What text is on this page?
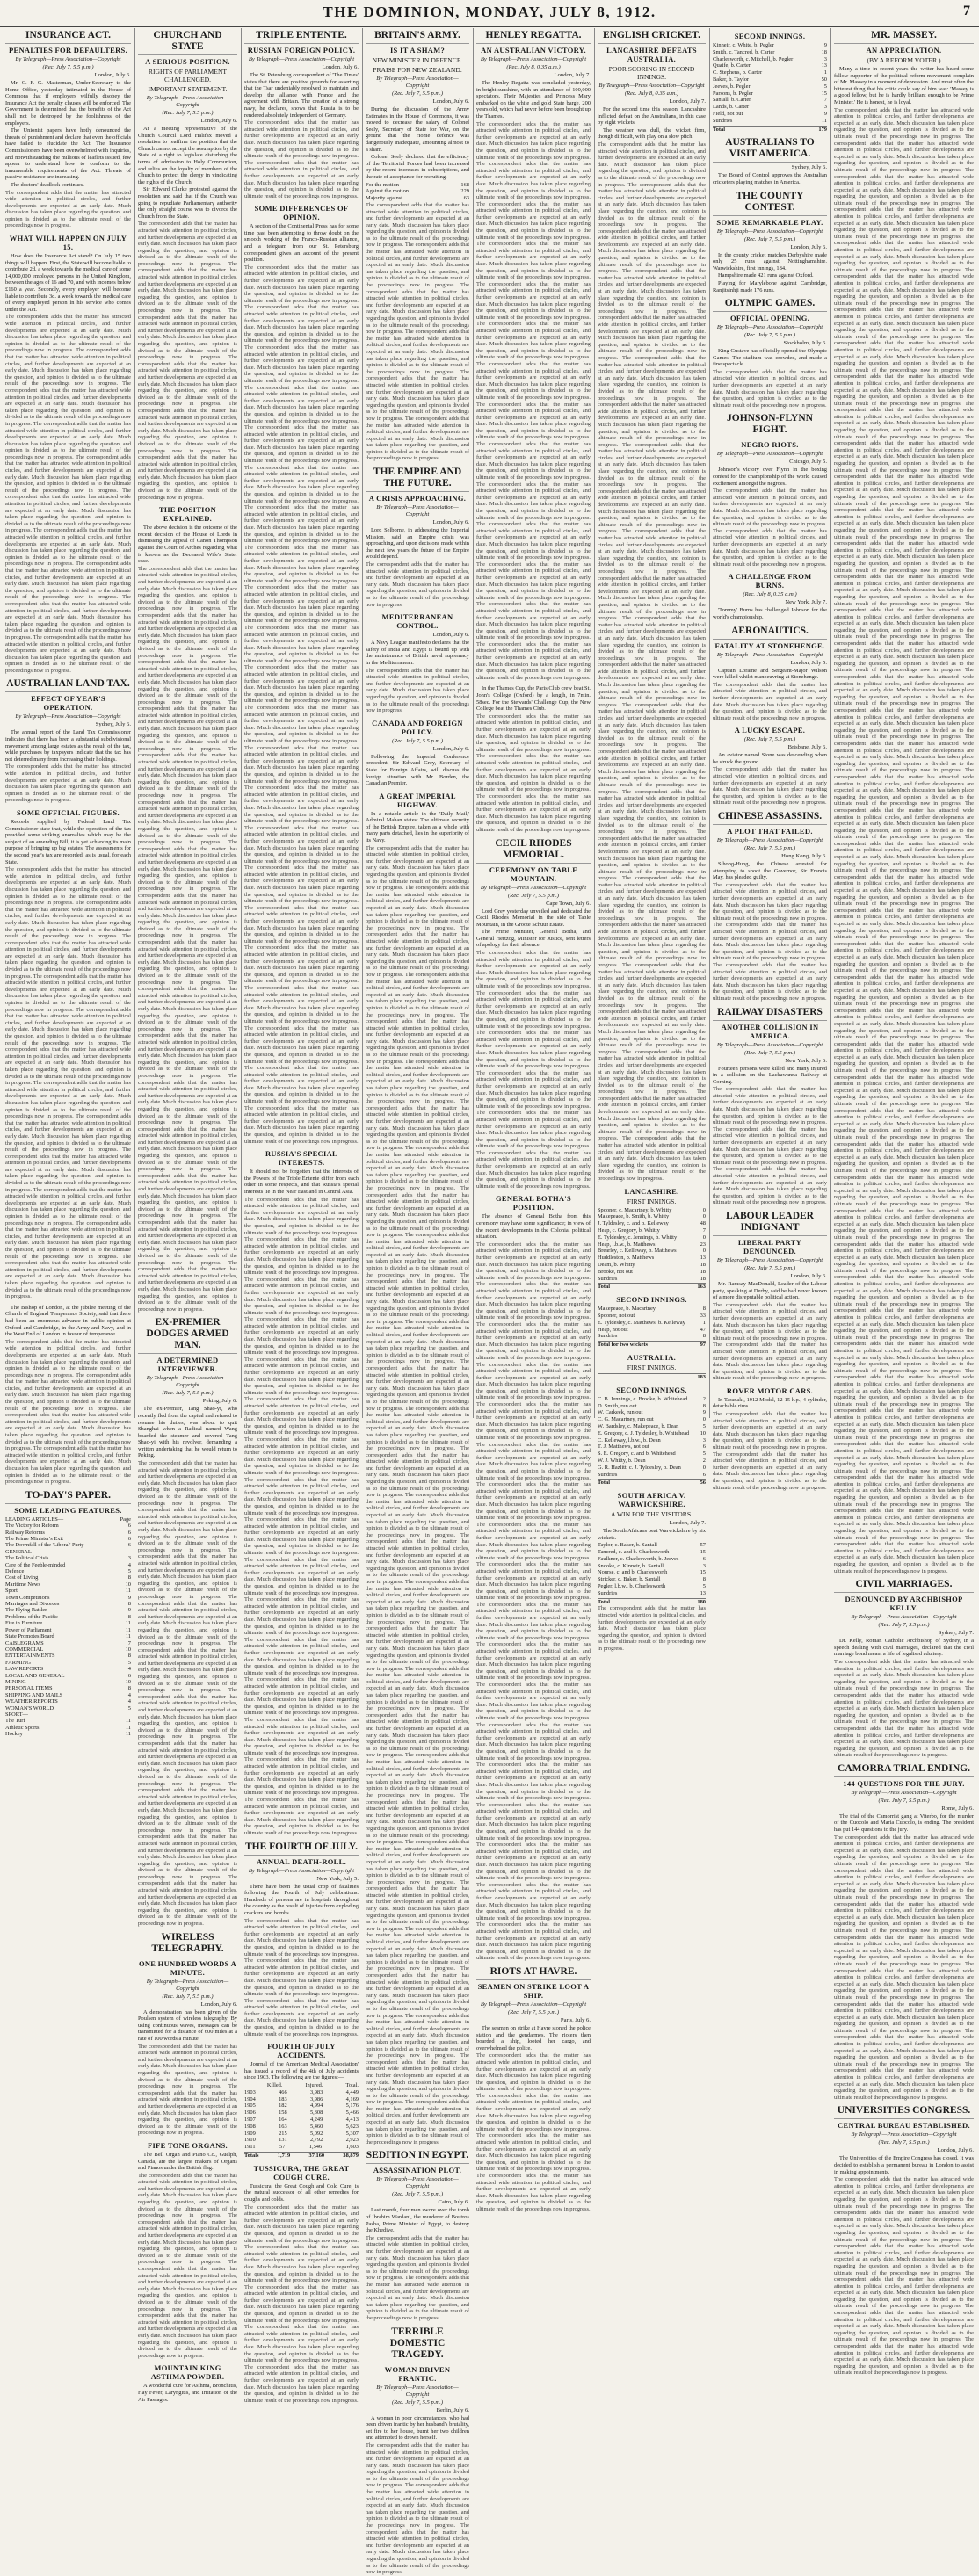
THE DOMINION, MONDAY, JULY 8, 1912.	7
INSURANCE ACT.
PENALTIES FOR DEFAULTERS.
By Telegraph—Press Association—Copyright
(Rec. July 7, 5.5 p.m.)
London, July 6.

Mr. C. F. G. Masterman, Under-Secretary to the Home Office, yesterday intimated in the House of Commons that if employers wilfully disobey the Insurance Act the penalty clauses will be enforced. The Government is determined that the benefits of the Act shall not be destroyed by the foolishness of the employers.

The Unionist papers have hotly denounced the threats of punishment and declare that even the officials have failed to elucidate the Act. The Insurance Commissioners have been overwhelmed with inquiries, and notwithstanding the millions of leaflets issued, few appear to understand how to conform to the innumerable requirements of the Act. Threats of passive resistance are increasing.

The doctors' deadlock continues.

The correspondent adds that the matter has attracted wide attention in political circles, and further developments are expected at an early date. Much discussion has taken place regarding the question, and opinion is divided as to the ultimate result of the proceedings now in progress.
WHAT WILL HAPPEN ON JULY 15.

How does the Insurance Act stand? On July 15 two things will happen. First, the State will become liable to contribute 2d. a week towards the medical care of some 14,000,000 employed persons in the United Kingdom, between the ages of 16 and 70, and with incomes below £160 a year. Secondly, every employer will become liable to contribute 3d. a week towards the medical care of every employed person in his service who comes under the Act.

The correspondent adds that the matter has attracted wide attention in political circles, and further developments are expected at an early date. Much discussion has taken place regarding the question, and opinion is divided as to the ultimate result of the proceedings now in progress. The correspondent adds that the matter has attracted wide attention in political circles, and further developments are expected at an early date. Much discussion has taken place regarding the question, and opinion is divided as to the ultimate result of the proceedings now in progress. The correspondent adds that the matter has attracted wide attention in political circles, and further developments are expected at an early date. Much discussion has taken place regarding the question, and opinion is divided as to the ultimate result of the proceedings now in progress. The correspondent adds that the matter has attracted wide attention in political circles, and further developments are expected at an early date. Much discussion has taken place regarding the question, and opinion is divided as to the ultimate result of the proceedings now in progress. The correspondent adds that the matter has attracted wide attention in political circles, and further developments are expected at an early date. Much discussion has taken place regarding the question, and opinion is divided as to the ultimate result of the proceedings now in progress. The correspondent adds that the matter has attracted wide attention in political circles, and further developments are expected at an early date. Much discussion has taken place regarding the question, and opinion is divided as to the ultimate result of the proceedings now in progress. The correspondent adds that the matter has attracted wide attention in political circles, and further developments are expected at an early date. Much discussion has taken place regarding the question, and opinion is divided as to the ultimate result of the proceedings now in progress. The correspondent adds that the matter has attracted wide attention in political circles, and further developments are expected at an early date. Much discussion has taken place regarding the question, and opinion is divided as to the ultimate result of the proceedings now in progress. The correspondent adds that the matter has attracted wide attention in political circles, and further developments are expected at an early date. Much discussion has taken place regarding the question, and opinion is divided as to the ultimate result of the proceedings now in progress. The correspondent adds that the matter has attracted wide attention in political circles, and further developments are expected at an early date. Much discussion has taken place regarding the question, and opinion is divided as to the ultimate result of the proceedings now in progress.
AUSTRALIAN LAND TAX.
EFFECT OF YEAR'S OPERATION.
By Telegraph—Press Association—Copyright
Sydney, July 6.

The annual report of the Land Tax Commissioner indicates that there has been a substantial subdivisional movement among large estates as the result of the tax, while purchases by taxpayers indicate that the tax has not deterred many from increasing their holdings.

The correspondent adds that the matter has attracted wide attention in political circles, and further developments are expected at an early date. Much discussion has taken place regarding the question, and opinion is divided as to the ultimate result of the proceedings now in progress.
SOME OFFICIAL FIGURES.

Records supplied by Federal Land Tax Commissioner state that, while the operation of the tax provided some striking anomalies which may be the subject of an amending Bill, it is yet achieving its main purpose of bringing up big estates. The assessments for the second year's tax are recorded, as is usual, for each State.

The correspondent adds that the matter has attracted wide attention in political circles, and further developments are expected at an early date. Much discussion has taken place regarding the question, and opinion is divided as to the ultimate result of the proceedings now in progress. The correspondent adds that the matter has attracted wide attention in political circles, and further developments are expected at an early date. Much discussion has taken place regarding the question, and opinion is divided as to the ultimate result of the proceedings now in progress. The correspondent adds that the matter has attracted wide attention in political circles, and further developments are expected at an early date. Much discussion has taken place regarding the question, and opinion is divided as to the ultimate result of the proceedings now in progress. The correspondent adds that the matter has attracted wide attention in political circles, and further developments are expected at an early date. Much discussion has taken place regarding the question, and opinion is divided as to the ultimate result of the proceedings now in progress. The correspondent adds that the matter has attracted wide attention in political circles, and further developments are expected at an early date. Much discussion has taken place regarding the question, and opinion is divided as to the ultimate result of the proceedings now in progress. The correspondent adds that the matter has attracted wide attention in political circles, and further developments are expected at an early date. Much discussion has taken place regarding the question, and opinion is divided as to the ultimate result of the proceedings now in progress. The correspondent adds that the matter has attracted wide attention in political circles, and further developments are expected at an early date. Much discussion has taken place regarding the question, and opinion is divided as to the ultimate result of the proceedings now in progress. The correspondent adds that the matter has attracted wide attention in political circles, and further developments are expected at an early date. Much discussion has taken place regarding the question, and opinion is divided as to the ultimate result of the proceedings now in progress. The correspondent adds that the matter has attracted wide attention in political circles, and further developments are expected at an early date. Much discussion has taken place regarding the question, and opinion is divided as to the ultimate result of the proceedings now in progress. The correspondent adds that the matter has attracted wide attention in political circles, and further developments are expected at an early date. Much discussion has taken place regarding the question, and opinion is divided as to the ultimate result of the proceedings now in progress. The correspondent adds that the matter has attracted wide attention in political circles, and further developments are expected at an early date. Much discussion has taken place regarding the question, and opinion is divided as to the ultimate result of the proceedings now in progress. The correspondent adds that the matter has attracted wide attention in political circles, and further developments are expected at an early date. Much discussion has taken place regarding the question, and opinion is divided as to the ultimate result of the proceedings now in progress.

The Bishop of London, at the jubilee meeting of the Church of England Temperance Society, said that there had been an enormous advance in public opinion at Oxford and Cambridge, in the Army and Navy, and in the West End of London in favour of temperance.

The correspondent adds that the matter has attracted wide attention in political circles, and further developments are expected at an early date. Much discussion has taken place regarding the question, and opinion is divided as to the ultimate result of the proceedings now in progress. The correspondent adds that the matter has attracted wide attention in political circles, and further developments are expected at an early date. Much discussion has taken place regarding the question, and opinion is divided as to the ultimate result of the proceedings now in progress. The correspondent adds that the matter has attracted wide attention in political circles, and further developments are expected at an early date. Much discussion has taken place regarding the question, and opinion is divided as to the ultimate result of the proceedings now in progress. The correspondent adds that the matter has attracted wide attention in political circles, and further developments are expected at an early date. Much discussion has taken place regarding the question, and opinion is divided as to the ultimate result of the proceedings now in progress.
TO-DAY'S PAPER.
SOME LEADING FEATURES.
LEADING ARTICLES—	Page
The Victory for Reform	6
Railway Reforms	6
The Prime Minister's Exit	6
The Downfall of the 'Liberal' Party	6
GENERAL—
The Political Crisis	3
Care of the Feeble-minded	4
Defence	5
Cost of Living	8
Maritime News	10
Sport	11
Town Competitions	9
Marriages and Divorces	8
The Flying Rattler	9
Problems of the Pacific	8
Fire in Furniture	11
Power of Parliament	11
State Promotes Board	11
CABLEGRAMS	7
COMMERCIAL	10
ENTERTAINMENTS	8
FARMING	5
LAW REPORTS	4
LOCAL AND GENERAL	6
MINING	10
PERSONAL ITEMS	8
SHIPPING AND MAILS	4
WEATHER REPORTS	4
WOMAN'S WORLD	5
SPORT—
The Turf	11
Athletic Sports	11
Hockey	11
CHURCH AND STATE
A SERIOUS POSITION.
RIGHTS OF PARLIAMENT CHALLENGED.
IMPORTANT STATEMENT.
By Telegraph—Press Association—Copyright
(Rec. July 7, 5.5 p.m.)
London, July 6.

At a meeting representative of the Church Council Lord Halifax moved a resolution to reaffirm the position that the Church cannot accept the assumption by the State of a right to legislate disturbing the terms of admission to Holy Communion, and relies on the loyalty of members of the Church to protect the clergy in vindicating the rights of the Church.

Sir Edward Clarke protested against the resolution and said that if the Church was going to repudiate Parliamentary authority the only straight course was to divorce the Church from the State.

The correspondent adds that the matter has attracted wide attention in political circles, and further developments are expected at an early date. Much discussion has taken place regarding the question, and opinion is divided as to the ultimate result of the proceedings now in progress. The correspondent adds that the matter has attracted wide attention in political circles, and further developments are expected at an early date. Much discussion has taken place regarding the question, and opinion is divided as to the ultimate result of the proceedings now in progress. The correspondent adds that the matter has attracted wide attention in political circles, and further developments are expected at an early date. Much discussion has taken place regarding the question, and opinion is divided as to the ultimate result of the proceedings now in progress. The correspondent adds that the matter has attracted wide attention in political circles, and further developments are expected at an early date. Much discussion has taken place regarding the question, and opinion is divided as to the ultimate result of the proceedings now in progress. The correspondent adds that the matter has attracted wide attention in political circles, and further developments are expected at an early date. Much discussion has taken place regarding the question, and opinion is divided as to the ultimate result of the proceedings now in progress. The correspondent adds that the matter has attracted wide attention in political circles, and further developments are expected at an early date. Much discussion has taken place regarding the question, and opinion is divided as to the ultimate result of the proceedings now in progress.
THE POSITION EXPLAINED.

The above decision is the outcome of the recent decision of the House of Lords in dismissing the appeal of Canon Thompson against the Court of Arches regarding what is known as the Deceased Wife's Sister case.

The correspondent adds that the matter has attracted wide attention in political circles, and further developments are expected at an early date. Much discussion has taken place regarding the question, and opinion is divided as to the ultimate result of the proceedings now in progress. The correspondent adds that the matter has attracted wide attention in political circles, and further developments are expected at an early date. Much discussion has taken place regarding the question, and opinion is divided as to the ultimate result of the proceedings now in progress. The correspondent adds that the matter has attracted wide attention in political circles, and further developments are expected at an early date. Much discussion has taken place regarding the question, and opinion is divided as to the ultimate result of the proceedings now in progress. The correspondent adds that the matter has attracted wide attention in political circles, and further developments are expected at an early date. Much discussion has taken place regarding the question, and opinion is divided as to the ultimate result of the proceedings now in progress. The correspondent adds that the matter has attracted wide attention in political circles, and further developments are expected at an early date. Much discussion has taken place regarding the question, and opinion is divided as to the ultimate result of the proceedings now in progress. The correspondent adds that the matter has attracted wide attention in political circles, and further developments are expected at an early date. Much discussion has taken place regarding the question, and opinion is divided as to the ultimate result of the proceedings now in progress. The correspondent adds that the matter has attracted wide attention in political circles, and further developments are expected at an early date. Much discussion has taken place regarding the question, and opinion is divided as to the ultimate result of the proceedings now in progress. The correspondent adds that the matter has attracted wide attention in political circles, and further developments are expected at an early date. Much discussion has taken place regarding the question, and opinion is divided as to the ultimate result of the proceedings now in progress. The correspondent adds that the matter has attracted wide attention in political circles, and further developments are expected at an early date. Much discussion has taken place regarding the question, and opinion is divided as to the ultimate result of the proceedings now in progress. The correspondent adds that the matter has attracted wide attention in political circles, and further developments are expected at an early date. Much discussion has taken place regarding the question, and opinion is divided as to the ultimate result of the proceedings now in progress. The correspondent adds that the matter has attracted wide attention in political circles, and further developments are expected at an early date. Much discussion has taken place regarding the question, and opinion is divided as to the ultimate result of the proceedings now in progress. The correspondent adds that the matter has attracted wide attention in political circles, and further developments are expected at an early date. Much discussion has taken place regarding the question, and opinion is divided as to the ultimate result of the proceedings now in progress. The correspondent adds that the matter has attracted wide attention in political circles, and further developments are expected at an early date. Much discussion has taken place regarding the question, and opinion is divided as to the ultimate result of the proceedings now in progress. The correspondent adds that the matter has attracted wide attention in political circles, and further developments are expected at an early date. Much discussion has taken place regarding the question, and opinion is divided as to the ultimate result of the proceedings now in progress. The correspondent adds that the matter has attracted wide attention in political circles, and further developments are expected at an early date. Much discussion has taken place regarding the question, and opinion is divided as to the ultimate result of the proceedings now in progress. The correspondent adds that the matter has attracted wide attention in political circles, and further developments are expected at an early date. Much discussion has taken place regarding the question, and opinion is divided as to the ultimate result of the proceedings now in progress.
EX-PREMIER DODGES ARMED MAN.
A DETERMINED INTERVIEWER.
By Telegraph—Press Association—Copyright
(Rec. July 7, 5.5 p.m.)
Peking, July 6.

The ex-Premier, Tang Shao-yi, who recently fled from the capital and refused to resume his duties, was about to quit Shanghai when a Radical named Wang boarded the steamer and covered Tang Shao-yi with his revolver, demanding a written undertaking that he would return to Peking.

The correspondent adds that the matter has attracted wide attention in political circles, and further developments are expected at an early date. Much discussion has taken place regarding the question, and opinion is divided as to the ultimate result of the proceedings now in progress. The correspondent adds that the matter has attracted wide attention in political circles, and further developments are expected at an early date. Much discussion has taken place regarding the question, and opinion is divided as to the ultimate result of the proceedings now in progress. The correspondent adds that the matter has attracted wide attention in political circles, and further developments are expected at an early date. Much discussion has taken place regarding the question, and opinion is divided as to the ultimate result of the proceedings now in progress. The correspondent adds that the matter has attracted wide attention in political circles, and further developments are expected at an early date. Much discussion has taken place regarding the question, and opinion is divided as to the ultimate result of the proceedings now in progress. The correspondent adds that the matter has attracted wide attention in political circles, and further developments are expected at an early date. Much discussion has taken place regarding the question, and opinion is divided as to the ultimate result of the proceedings now in progress. The correspondent adds that the matter has attracted wide attention in political circles, and further developments are expected at an early date. Much discussion has taken place regarding the question, and opinion is divided as to the ultimate result of the proceedings now in progress. The correspondent adds that the matter has attracted wide attention in political circles, and further developments are expected at an early date. Much discussion has taken place regarding the question, and opinion is divided as to the ultimate result of the proceedings now in progress. The correspondent adds that the matter has attracted wide attention in political circles, and further developments are expected at an early date. Much discussion has taken place regarding the question, and opinion is divided as to the ultimate result of the proceedings now in progress. The correspondent adds that the matter has attracted wide attention in political circles, and further developments are expected at an early date. Much discussion has taken place regarding the question, and opinion is divided as to the ultimate result of the proceedings now in progress. The correspondent adds that the matter has attracted wide attention in political circles, and further developments are expected at an early date. Much discussion has taken place regarding the question, and opinion is divided as to the ultimate result of the proceedings now in progress.
WIRELESS TELEGRAPHY.
ONE HUNDRED WORDS A MINUTE.
By Telegraph—Press Association—Copyright
(Rec. July 7, 5.5 p.m.)
London, July 6.

A demonstration has been given of the Poulsen system of wireless telegraphy. By using continuous waves, messages can be transmitted for a distance of 600 miles at a rate of 100 words a minute.

The correspondent adds that the matter has attracted wide attention in political circles, and further developments are expected at an early date. Much discussion has taken place regarding the question, and opinion is divided as to the ultimate result of the proceedings now in progress. The correspondent adds that the matter has attracted wide attention in political circles, and further developments are expected at an early date. Much discussion has taken place regarding the question, and opinion is divided as to the ultimate result of the proceedings now in progress.
FIFE TONE ORGANS.

The Bell Organ and Piano Co., Guelph, Canada, are the largest makers of Organs and Pianos under the British flag.

The correspondent adds that the matter has attracted wide attention in political circles, and further developments are expected at an early date. Much discussion has taken place regarding the question, and opinion is divided as to the ultimate result of the proceedings now in progress. The correspondent adds that the matter has attracted wide attention in political circles, and further developments are expected at an early date. Much discussion has taken place regarding the question, and opinion is divided as to the ultimate result of the proceedings now in progress. The correspondent adds that the matter has attracted wide attention in political circles, and further developments are expected at an early date. Much discussion has taken place regarding the question, and opinion is divided as to the ultimate result of the proceedings now in progress. The correspondent adds that the matter has attracted wide attention in political circles, and further developments are expected at an early date. Much discussion has taken place regarding the question, and opinion is divided as to the ultimate result of the proceedings now in progress.
MOUNTAIN KING ASTHMA POWDER.

A wonderful cure for Asthma, Bronchitis, Hay Fever, Laryngitis, and Irritation of the Air Passages.

TRIPLE ENTENTE.
RUSSIAN FOREIGN POLICY.
By Telegraph—Press Association—Copyright
London, July 6.

The St. Petersburg correspondent of 'The Times' states that there are positive grounds for asserting that the Tsar undeniably resolved to maintain and develop the alliance with France and the agreement with Britain. The creation of a strong navy, he declares, shows that Russia is to be rendered absolutely independent of Germany.

The correspondent adds that the matter has attracted wide attention in political circles, and further developments are expected at an early date. Much discussion has taken place regarding the question, and opinion is divided as to the ultimate result of the proceedings now in progress. The correspondent adds that the matter has attracted wide attention in political circles, and further developments are expected at an early date. Much discussion has taken place regarding the question, and opinion is divided as to the ultimate result of the proceedings now in progress.
SOME DIFFERENCES OF OPINION.

A section of the Continental Press has for some time past been attempting to throw doubt on the smooth working of the Franco-Russian alliance, and a telegram from our St. Petersburg correspondent gives an account of the present position.

The correspondent adds that the matter has attracted wide attention in political circles, and further developments are expected at an early date. Much discussion has taken place regarding the question, and opinion is divided as to the ultimate result of the proceedings now in progress. The correspondent adds that the matter has attracted wide attention in political circles, and further developments are expected at an early date. Much discussion has taken place regarding the question, and opinion is divided as to the ultimate result of the proceedings now in progress. The correspondent adds that the matter has attracted wide attention in political circles, and further developments are expected at an early date. Much discussion has taken place regarding the question, and opinion is divided as to the ultimate result of the proceedings now in progress. The correspondent adds that the matter has attracted wide attention in political circles, and further developments are expected at an early date. Much discussion has taken place regarding the question, and opinion is divided as to the ultimate result of the proceedings now in progress. The correspondent adds that the matter has attracted wide attention in political circles, and further developments are expected at an early date. Much discussion has taken place regarding the question, and opinion is divided as to the ultimate result of the proceedings now in progress. The correspondent adds that the matter has attracted wide attention in political circles, and further developments are expected at an early date. Much discussion has taken place regarding the question, and opinion is divided as to the ultimate result of the proceedings now in progress. The correspondent adds that the matter has attracted wide attention in political circles, and further developments are expected at an early date. Much discussion has taken place regarding the question, and opinion is divided as to the ultimate result of the proceedings now in progress. The correspondent adds that the matter has attracted wide attention in political circles, and further developments are expected at an early date. Much discussion has taken place regarding the question, and opinion is divided as to the ultimate result of the proceedings now in progress. The correspondent adds that the matter has attracted wide attention in political circles, and further developments are expected at an early date. Much discussion has taken place regarding the question, and opinion is divided as to the ultimate result of the proceedings now in progress. The correspondent adds that the matter has attracted wide attention in political circles, and further developments are expected at an early date. Much discussion has taken place regarding the question, and opinion is divided as to the ultimate result of the proceedings now in progress. The correspondent adds that the matter has attracted wide attention in political circles, and further developments are expected at an early date. Much discussion has taken place regarding the question, and opinion is divided as to the ultimate result of the proceedings now in progress. The correspondent adds that the matter has attracted wide attention in political circles, and further developments are expected at an early date. Much discussion has taken place regarding the question, and opinion is divided as to the ultimate result of the proceedings now in progress. The correspondent adds that the matter has attracted wide attention in political circles, and further developments are expected at an early date. Much discussion has taken place regarding the question, and opinion is divided as to the ultimate result of the proceedings now in progress. The correspondent adds that the matter has attracted wide attention in political circles, and further developments are expected at an early date. Much discussion has taken place regarding the question, and opinion is divided as to the ultimate result of the proceedings now in progress. The correspondent adds that the matter has attracted wide attention in political circles, and further developments are expected at an early date. Much discussion has taken place regarding the question, and opinion is divided as to the ultimate result of the proceedings now in progress. The correspondent adds that the matter has attracted wide attention in political circles, and further developments are expected at an early date. Much discussion has taken place regarding the question, and opinion is divided as to the ultimate result of the proceedings now in progress. The correspondent adds that the matter has attracted wide attention in political circles, and further developments are expected at an early date. Much discussion has taken place regarding the question, and opinion is divided as to the ultimate result of the proceedings now in progress. The correspondent adds that the matter has attracted wide attention in political circles, and further developments are expected at an early date. Much discussion has taken place regarding the question, and opinion is divided as to the ultimate result of the proceedings now in progress. The correspondent adds that the matter has attracted wide attention in political circles, and further developments are expected at an early date. Much discussion has taken place regarding the question, and opinion is divided as to the ultimate result of the proceedings now in progress. The correspondent adds that the matter has attracted wide attention in political circles, and further developments are expected at an early date. Much discussion has taken place regarding the question, and opinion is divided as to the ultimate result of the proceedings now in progress. The correspondent adds that the matter has attracted wide attention in political circles, and further developments are expected at an early date. Much discussion has taken place regarding the question, and opinion is divided as to the ultimate result of the proceedings now in progress. The correspondent adds that the matter has attracted wide attention in political circles, and further developments are expected at an early date. Much discussion has taken place regarding the question, and opinion is divided as to the ultimate result of the proceedings now in progress.
RUSSIA'S SPECIAL INTERESTS.

It should not be forgotten that the interests of the Powers of the Triple Entente differ from each other in some respects, and that Russia's special interests lie in the Near East and in Central Asia.

The correspondent adds that the matter has attracted wide attention in political circles, and further developments are expected at an early date. Much discussion has taken place regarding the question, and opinion is divided as to the ultimate result of the proceedings now in progress. The correspondent adds that the matter has attracted wide attention in political circles, and further developments are expected at an early date. Much discussion has taken place regarding the question, and opinion is divided as to the ultimate result of the proceedings now in progress. The correspondent adds that the matter has attracted wide attention in political circles, and further developments are expected at an early date. Much discussion has taken place regarding the question, and opinion is divided as to the ultimate result of the proceedings now in progress. The correspondent adds that the matter has attracted wide attention in political circles, and further developments are expected at an early date. Much discussion has taken place regarding the question, and opinion is divided as to the ultimate result of the proceedings now in progress. The correspondent adds that the matter has attracted wide attention in political circles, and further developments are expected at an early date. Much discussion has taken place regarding the question, and opinion is divided as to the ultimate result of the proceedings now in progress. The correspondent adds that the matter has attracted wide attention in political circles, and further developments are expected at an early date. Much discussion has taken place regarding the question, and opinion is divided as to the ultimate result of the proceedings now in progress. The correspondent adds that the matter has attracted wide attention in political circles, and further developments are expected at an early date. Much discussion has taken place regarding the question, and opinion is divided as to the ultimate result of the proceedings now in progress. The correspondent adds that the matter has attracted wide attention in political circles, and further developments are expected at an early date. Much discussion has taken place regarding the question, and opinion is divided as to the ultimate result of the proceedings now in progress. The correspondent adds that the matter has attracted wide attention in political circles, and further developments are expected at an early date. Much discussion has taken place regarding the question, and opinion is divided as to the ultimate result of the proceedings now in progress. The correspondent adds that the matter has attracted wide attention in political circles, and further developments are expected at an early date. Much discussion has taken place regarding the question, and opinion is divided as to the ultimate result of the proceedings now in progress. The correspondent adds that the matter has attracted wide attention in political circles, and further developments are expected at an early date. Much discussion has taken place regarding the question, and opinion is divided as to the ultimate result of the proceedings now in progress. The correspondent adds that the matter has attracted wide attention in political circles, and further developments are expected at an early date. Much discussion has taken place regarding the question, and opinion is divided as to the ultimate result of the proceedings now in progress. The correspondent adds that the matter has attracted wide attention in political circles, and further developments are expected at an early date. Much discussion has taken place regarding the question, and opinion is divided as to the ultimate result of the proceedings now in progress. The correspondent adds that the matter has attracted wide attention in political circles, and further developments are expected at an early date. Much discussion has taken place regarding the question, and opinion is divided as to the ultimate result of the proceedings now in progress. The correspondent adds that the matter has attracted wide attention in political circles, and further developments are expected at an early date. Much discussion has taken place regarding the question, and opinion is divided as to the ultimate result of the proceedings now in progress. The correspondent adds that the matter has attracted wide attention in political circles, and further developments are expected at an early date. Much discussion has taken place regarding the question, and opinion is divided as to the ultimate result of the proceedings now in progress.
THE FOURTH OF JULY.
ANNUAL DEATH-ROLL.
By Telegraph—Press Association—Copyright
New York, July 5.

There have been the usual crop of fatalities following the Fourth of July celebrations. Hundreds of persons are in hospitals throughout the country as the result of injuries from exploding crackers and bombs.

The correspondent adds that the matter has attracted wide attention in political circles, and further developments are expected at an early date. Much discussion has taken place regarding the question, and opinion is divided as to the ultimate result of the proceedings now in progress. The correspondent adds that the matter has attracted wide attention in political circles, and further developments are expected at an early date. Much discussion has taken place regarding the question, and opinion is divided as to the ultimate result of the proceedings now in progress. The correspondent adds that the matter has attracted wide attention in political circles, and further developments are expected at an early date. Much discussion has taken place regarding the question, and opinion is divided as to the ultimate result of the proceedings now in progress.
FOURTH OF JULY ACCIDENTS.

'Journal of the American Medical Association' has issued a record of the 4th of July accidents since 1903. The following are the figures:—

Killed.	Injured.	Total.
1903	466	3,983	4,449
1904	183	3,986	4,169
1905	182	4,994	5,176
1906	158	5,308	5,466
1907	164	4,249	4,413
1908	163	5,460	5,623
1909	215	5,092	5,307
1910	131	2,792	2,923
1911	57	1,546	1,603
Totals	1,719	37,160	38,879
TUSSICURA, THE GREAT COUGH CURE.

Tussicura, the Great Cough and Cold Cure, is the natural successor of all other remedies for coughs and colds.

The correspondent adds that the matter has attracted wide attention in political circles, and further developments are expected at an early date. Much discussion has taken place regarding the question, and opinion is divided as to the ultimate result of the proceedings now in progress. The correspondent adds that the matter has attracted wide attention in political circles, and further developments are expected at an early date. Much discussion has taken place regarding the question, and opinion is divided as to the ultimate result of the proceedings now in progress. The correspondent adds that the matter has attracted wide attention in political circles, and further developments are expected at an early date. Much discussion has taken place regarding the question, and opinion is divided as to the ultimate result of the proceedings now in progress. The correspondent adds that the matter has attracted wide attention in political circles, and further developments are expected at an early date. Much discussion has taken place regarding the question, and opinion is divided as to the ultimate result of the proceedings now in progress. The correspondent adds that the matter has attracted wide attention in political circles, and further developments are expected at an early date. Much discussion has taken place regarding the question, and opinion is divided as to the ultimate result of the proceedings now in progress.
BRITAIN'S ARMY.
IS IT A SHAM?
NEW MINISTER IN DEFENCE.
PRAISE FOR NEW ZEALAND.
By Telegraph—Press Association—Copyright
(Rec. July 7, 5.5 p.m.)
London, July 6.

During the discussion of the Army Estimates in the House of Commons, it was moved to decrease the salary of Colonel Seely, Secretary of State for War, on the ground that the Home defence was dangerously inadequate, amounting almost to a sham.

Colonel Seely declared that the efficiency of the Territorial Forces had been increased by the recent increases in subscriptions, and the rate of acceptance for recruiting.

For the motion	168
Against the motion	229
Majority against	63
The correspondent adds that the matter has attracted wide attention in political circles, and further developments are expected at an early date. Much discussion has taken place regarding the question, and opinion is divided as to the ultimate result of the proceedings now in progress. The correspondent adds that the matter has attracted wide attention in political circles, and further developments are expected at an early date. Much discussion has taken place regarding the question, and opinion is divided as to the ultimate result of the proceedings now in progress. The correspondent adds that the matter has attracted wide attention in political circles, and further developments are expected at an early date. Much discussion has taken place regarding the question, and opinion is divided as to the ultimate result of the proceedings now in progress. The correspondent adds that the matter has attracted wide attention in political circles, and further developments are expected at an early date. Much discussion has taken place regarding the question, and opinion is divided as to the ultimate result of the proceedings now in progress. The correspondent adds that the matter has attracted wide attention in political circles, and further developments are expected at an early date. Much discussion has taken place regarding the question, and opinion is divided as to the ultimate result of the proceedings now in progress. The correspondent adds that the matter has attracted wide attention in political circles, and further developments are expected at an early date. Much discussion has taken place regarding the question, and opinion is divided as to the ultimate result of the proceedings now in progress.
THE EMPIRE AND THE FUTURE.
A CRISIS APPROACHING.
By Telegraph—Press Association—Copyright
London, July 6.

Lord Selborne, in addressing the Imperial Mission, said an Empire crisis was approaching, and upon decisions made within the next few years the future of the Empire would depend.

The correspondent adds that the matter has attracted wide attention in political circles, and further developments are expected at an early date. Much discussion has taken place regarding the question, and opinion is divided as to the ultimate result of the proceedings now in progress.
MEDITERRANEAN CONTROL.
London, July 6.

A Navy League manifesto declares that the safety of India and Egypt is bound up with the maintenance of British naval supremacy in the Mediterranean.

The correspondent adds that the matter has attracted wide attention in political circles, and further developments are expected at an early date. Much discussion has taken place regarding the question, and opinion is divided as to the ultimate result of the proceedings now in progress.
CANADA AND FOREIGN POLICY.
(Rec. July 7, 5.5 p.m.)
London, July 6.

Following the Imperial Conference precedent, Sir Edward Grey, Secretary of State for Foreign Affairs, will discuss the foreign situation with Mr. Borden, the Canadian Premier.

A GREAT IMPERIAL HIGHWAY.

In a notable article in the 'Daily Mail,' Admiral Mahan states: The ultimate security of the British Empire, taken as a whole with many parts detached, lies in the superiority of its Navy.

The correspondent adds that the matter has attracted wide attention in political circles, and further developments are expected at an early date. Much discussion has taken place regarding the question, and opinion is divided as to the ultimate result of the proceedings now in progress. The correspondent adds that the matter has attracted wide attention in political circles, and further developments are expected at an early date. Much discussion has taken place regarding the question, and opinion is divided as to the ultimate result of the proceedings now in progress. The correspondent adds that the matter has attracted wide attention in political circles, and further developments are expected at an early date. Much discussion has taken place regarding the question, and opinion is divided as to the ultimate result of the proceedings now in progress. The correspondent adds that the matter has attracted wide attention in political circles, and further developments are expected at an early date. Much discussion has taken place regarding the question, and opinion is divided as to the ultimate result of the proceedings now in progress. The correspondent adds that the matter has attracted wide attention in political circles, and further developments are expected at an early date. Much discussion has taken place regarding the question, and opinion is divided as to the ultimate result of the proceedings now in progress. The correspondent adds that the matter has attracted wide attention in political circles, and further developments are expected at an early date. Much discussion has taken place regarding the question, and opinion is divided as to the ultimate result of the proceedings now in progress. The correspondent adds that the matter has attracted wide attention in political circles, and further developments are expected at an early date. Much discussion has taken place regarding the question, and opinion is divided as to the ultimate result of the proceedings now in progress. The correspondent adds that the matter has attracted wide attention in political circles, and further developments are expected at an early date. Much discussion has taken place regarding the question, and opinion is divided as to the ultimate result of the proceedings now in progress. The correspondent adds that the matter has attracted wide attention in political circles, and further developments are expected at an early date. Much discussion has taken place regarding the question, and opinion is divided as to the ultimate result of the proceedings now in progress. The correspondent adds that the matter has attracted wide attention in political circles, and further developments are expected at an early date. Much discussion has taken place regarding the question, and opinion is divided as to the ultimate result of the proceedings now in progress. The correspondent adds that the matter has attracted wide attention in political circles, and further developments are expected at an early date. Much discussion has taken place regarding the question, and opinion is divided as to the ultimate result of the proceedings now in progress. The correspondent adds that the matter has attracted wide attention in political circles, and further developments are expected at an early date. Much discussion has taken place regarding the question, and opinion is divided as to the ultimate result of the proceedings now in progress. The correspondent adds that the matter has attracted wide attention in political circles, and further developments are expected at an early date. Much discussion has taken place regarding the question, and opinion is divided as to the ultimate result of the proceedings now in progress. The correspondent adds that the matter has attracted wide attention in political circles, and further developments are expected at an early date. Much discussion has taken place regarding the question, and opinion is divided as to the ultimate result of the proceedings now in progress. The correspondent adds that the matter has attracted wide attention in political circles, and further developments are expected at an early date. Much discussion has taken place regarding the question, and opinion is divided as to the ultimate result of the proceedings now in progress. The correspondent adds that the matter has attracted wide attention in political circles, and further developments are expected at an early date. Much discussion has taken place regarding the question, and opinion is divided as to the ultimate result of the proceedings now in progress. The correspondent adds that the matter has attracted wide attention in political circles, and further developments are expected at an early date. Much discussion has taken place regarding the question, and opinion is divided as to the ultimate result of the proceedings now in progress. The correspondent adds that the matter has attracted wide attention in political circles, and further developments are expected at an early date. Much discussion has taken place regarding the question, and opinion is divided as to the ultimate result of the proceedings now in progress. The correspondent adds that the matter has attracted wide attention in political circles, and further developments are expected at an early date. Much discussion has taken place regarding the question, and opinion is divided as to the ultimate result of the proceedings now in progress. The correspondent adds that the matter has attracted wide attention in political circles, and further developments are expected at an early date. Much discussion has taken place regarding the question, and opinion is divided as to the ultimate result of the proceedings now in progress. The correspondent adds that the matter has attracted wide attention in political circles, and further developments are expected at an early date. Much discussion has taken place regarding the question, and opinion is divided as to the ultimate result of the proceedings now in progress. The correspondent adds that the matter has attracted wide attention in political circles, and further developments are expected at an early date. Much discussion has taken place regarding the question, and opinion is divided as to the ultimate result of the proceedings now in progress. The correspondent adds that the matter has attracted wide attention in political circles, and further developments are expected at an early date. Much discussion has taken place regarding the question, and opinion is divided as to the ultimate result of the proceedings now in progress. The correspondent adds that the matter has attracted wide attention in political circles, and further developments are expected at an early date. Much discussion has taken place regarding the question, and opinion is divided as to the ultimate result of the proceedings now in progress. The correspondent adds that the matter has attracted wide attention in political circles, and further developments are expected at an early date. Much discussion has taken place regarding the question, and opinion is divided as to the ultimate result of the proceedings now in progress. The correspondent adds that the matter has attracted wide attention in political circles, and further developments are expected at an early date. Much discussion has taken place regarding the question, and opinion is divided as to the ultimate result of the proceedings now in progress. The correspondent adds that the matter has attracted wide attention in political circles, and further developments are expected at an early date. Much discussion has taken place regarding the question, and opinion is divided as to the ultimate result of the proceedings now in progress. The correspondent adds that the matter has attracted wide attention in political circles, and further developments are expected at an early date. Much discussion has taken place regarding the question, and opinion is divided as to the ultimate result of the proceedings now in progress. The correspondent adds that the matter has attracted wide attention in political circles, and further developments are expected at an early date. Much discussion has taken place regarding the question, and opinion is divided as to the ultimate result of the proceedings now in progress. The correspondent adds that the matter has attracted wide attention in political circles, and further developments are expected at an early date. Much discussion has taken place regarding the question, and opinion is divided as to the ultimate result of the proceedings now in progress.
SEDITION IN EGYPT.
ASSASSINATION PLOT.
By Telegraph—Press Association—Copyright
(Rec. July 7, 5.5 p.m.)
Cairo, July 6.

Last month, four men swore over the tomb of Ibrahim Wardani, the murderer of Boutros Pasha, Prime Minister of Egypt, to destroy the Khedive.

The correspondent adds that the matter has attracted wide attention in political circles, and further developments are expected at an early date. Much discussion has taken place regarding the question, and opinion is divided as to the ultimate result of the proceedings now in progress. The correspondent adds that the matter has attracted wide attention in political circles, and further developments are expected at an early date. Much discussion has taken place regarding the question, and opinion is divided as to the ultimate result of the proceedings now in progress.
TERRIBLE DOMESTIC TRAGEDY.
WOMAN DRIVEN FRANTIC.
By Telegraph—Press Association—Copyright
(Rec. July 7, 5.5 p.m.)
Berlin, July 6.

A woman in poor circumstances, who had been driven frantic by her husband's brutality, set fire to her house, burnt her two children and attempted to drown herself.

The correspondent adds that the matter has attracted wide attention in political circles, and further developments are expected at an early date. Much discussion has taken place regarding the question, and opinion is divided as to the ultimate result of the proceedings now in progress. The correspondent adds that the matter has attracted wide attention in political circles, and further developments are expected at an early date. Much discussion has taken place regarding the question, and opinion is divided as to the ultimate result of the proceedings now in progress. The correspondent adds that the matter has attracted wide attention in political circles, and further developments are expected at an early date. Much discussion has taken place regarding the question, and opinion is divided as to the ultimate result of the proceedings now in progress.
HENLEY REGATTA.
AN AUSTRALIAN VICTORY.
By Telegraph—Press Association—Copyright
(Rec. July 8, 0.35 a.m.)
London, July 7.

The Henley Regatta was concluded yesterday, in bright sunshine, with an attendance of 100,000 spectators. Their Majesties and Princess Mary embarked on the white and gold State barge, 200 years old, which had never before been brought up the Thames.

The correspondent adds that the matter has attracted wide attention in political circles, and further developments are expected at an early date. Much discussion has taken place regarding the question, and opinion is divided as to the ultimate result of the proceedings now in progress. The correspondent adds that the matter has attracted wide attention in political circles, and further developments are expected at an early date. Much discussion has taken place regarding the question, and opinion is divided as to the ultimate result of the proceedings now in progress. The correspondent adds that the matter has attracted wide attention in political circles, and further developments are expected at an early date. Much discussion has taken place regarding the question, and opinion is divided as to the ultimate result of the proceedings now in progress. The correspondent adds that the matter has attracted wide attention in political circles, and further developments are expected at an early date. Much discussion has taken place regarding the question, and opinion is divided as to the ultimate result of the proceedings now in progress. The correspondent adds that the matter has attracted wide attention in political circles, and further developments are expected at an early date. Much discussion has taken place regarding the question, and opinion is divided as to the ultimate result of the proceedings now in progress. The correspondent adds that the matter has attracted wide attention in political circles, and further developments are expected at an early date. Much discussion has taken place regarding the question, and opinion is divided as to the ultimate result of the proceedings now in progress. The correspondent adds that the matter has attracted wide attention in political circles, and further developments are expected at an early date. Much discussion has taken place regarding the question, and opinion is divided as to the ultimate result of the proceedings now in progress. The correspondent adds that the matter has attracted wide attention in political circles, and further developments are expected at an early date. Much discussion has taken place regarding the question, and opinion is divided as to the ultimate result of the proceedings now in progress. The correspondent adds that the matter has attracted wide attention in political circles, and further developments are expected at an early date. Much discussion has taken place regarding the question, and opinion is divided as to the ultimate result of the proceedings now in progress. The correspondent adds that the matter has attracted wide attention in political circles, and further developments are expected at an early date. Much discussion has taken place regarding the question, and opinion is divided as to the ultimate result of the proceedings now in progress. The correspondent adds that the matter has attracted wide attention in political circles, and further developments are expected at an early date. Much discussion has taken place regarding the question, and opinion is divided as to the ultimate result of the proceedings now in progress. The correspondent adds that the matter has attracted wide attention in political circles, and further developments are expected at an early date. Much discussion has taken place regarding the question, and opinion is divided as to the ultimate result of the proceedings now in progress. The correspondent adds that the matter has attracted wide attention in political circles, and further developments are expected at an early date. Much discussion has taken place regarding the question, and opinion is divided as to the ultimate result of the proceedings now in progress. The correspondent adds that the matter has attracted wide attention in political circles, and further developments are expected at an early date. Much discussion has taken place regarding the question, and opinion is divided as to the ultimate result of the proceedings now in progress.

In the Thames Cup, the Paris Club crew beat St. John's College (Oxford) by a length, in 7min. 58sec. For the Stewards' Challenge Cup, the New College beat the Thames Club.

The correspondent adds that the matter has attracted wide attention in political circles, and further developments are expected at an early date. Much discussion has taken place regarding the question, and opinion is divided as to the ultimate result of the proceedings now in progress. The correspondent adds that the matter has attracted wide attention in political circles, and further developments are expected at an early date. Much discussion has taken place regarding the question, and opinion is divided as to the ultimate result of the proceedings now in progress. The correspondent adds that the matter has attracted wide attention in political circles, and further developments are expected at an early date. Much discussion has taken place regarding the question, and opinion is divided as to the ultimate result of the proceedings now in progress.
CECIL RHODES MEMORIAL.
CEREMONY ON TABLE MOUNTAIN.
By Telegraph—Press Association—Copyright
(Rec. July 7, 5.5 p.m.)
Cape Town, July 6.

Lord Grey yesterday unveiled and dedicated the Cecil Rhodes Memorial in the side of Table Mountain, in the Groote Schuur Estate.

The Prime Minister, General Botha, and General Hertzog, Minister for Justice, sent letters of apology for their absence.

The correspondent adds that the matter has attracted wide attention in political circles, and further developments are expected at an early date. Much discussion has taken place regarding the question, and opinion is divided as to the ultimate result of the proceedings now in progress. The correspondent adds that the matter has attracted wide attention in political circles, and further developments are expected at an early date. Much discussion has taken place regarding the question, and opinion is divided as to the ultimate result of the proceedings now in progress. The correspondent adds that the matter has attracted wide attention in political circles, and further developments are expected at an early date. Much discussion has taken place regarding the question, and opinion is divided as to the ultimate result of the proceedings now in progress. The correspondent adds that the matter has attracted wide attention in political circles, and further developments are expected at an early date. Much discussion has taken place regarding the question, and opinion is divided as to the ultimate result of the proceedings now in progress. The correspondent adds that the matter has attracted wide attention in political circles, and further developments are expected at an early date. Much discussion has taken place regarding the question, and opinion is divided as to the ultimate result of the proceedings now in progress. The correspondent adds that the matter has attracted wide attention in political circles, and further developments are expected at an early date. Much discussion has taken place regarding the question, and opinion is divided as to the ultimate result of the proceedings now in progress.
GENERAL BOTHA'S POSITION.

The absence of General Botha from this ceremony may have some significance; in view of the recent developments in the Colonial political situation.

The correspondent adds that the matter has attracted wide attention in political circles, and further developments are expected at an early date. Much discussion has taken place regarding the question, and opinion is divided as to the ultimate result of the proceedings now in progress. The correspondent adds that the matter has attracted wide attention in political circles, and further developments are expected at an early date. Much discussion has taken place regarding the question, and opinion is divided as to the ultimate result of the proceedings now in progress. The correspondent adds that the matter has attracted wide attention in political circles, and further developments are expected at an early date. Much discussion has taken place regarding the question, and opinion is divided as to the ultimate result of the proceedings now in progress. The correspondent adds that the matter has attracted wide attention in political circles, and further developments are expected at an early date. Much discussion has taken place regarding the question, and opinion is divided as to the ultimate result of the proceedings now in progress. The correspondent adds that the matter has attracted wide attention in political circles, and further developments are expected at an early date. Much discussion has taken place regarding the question, and opinion is divided as to the ultimate result of the proceedings now in progress. The correspondent adds that the matter has attracted wide attention in political circles, and further developments are expected at an early date. Much discussion has taken place regarding the question, and opinion is divided as to the ultimate result of the proceedings now in progress. The correspondent adds that the matter has attracted wide attention in political circles, and further developments are expected at an early date. Much discussion has taken place regarding the question, and opinion is divided as to the ultimate result of the proceedings now in progress. The correspondent adds that the matter has attracted wide attention in political circles, and further developments are expected at an early date. Much discussion has taken place regarding the question, and opinion is divided as to the ultimate result of the proceedings now in progress. The correspondent adds that the matter has attracted wide attention in political circles, and further developments are expected at an early date. Much discussion has taken place regarding the question, and opinion is divided as to the ultimate result of the proceedings now in progress. The correspondent adds that the matter has attracted wide attention in political circles, and further developments are expected at an early date. Much discussion has taken place regarding the question, and opinion is divided as to the ultimate result of the proceedings now in progress. The correspondent adds that the matter has attracted wide attention in political circles, and further developments are expected at an early date. Much discussion has taken place regarding the question, and opinion is divided as to the ultimate result of the proceedings now in progress. The correspondent adds that the matter has attracted wide attention in political circles, and further developments are expected at an early date. Much discussion has taken place regarding the question, and opinion is divided as to the ultimate result of the proceedings now in progress. The correspondent adds that the matter has attracted wide attention in political circles, and further developments are expected at an early date. Much discussion has taken place regarding the question, and opinion is divided as to the ultimate result of the proceedings now in progress. The correspondent adds that the matter has attracted wide attention in political circles, and further developments are expected at an early date. Much discussion has taken place regarding the question, and opinion is divided as to the ultimate result of the proceedings now in progress. The correspondent adds that the matter has attracted wide attention in political circles, and further developments are expected at an early date. Much discussion has taken place regarding the question, and opinion is divided as to the ultimate result of the proceedings now in progress. The correspondent adds that the matter has attracted wide attention in political circles, and further developments are expected at an early date. Much discussion has taken place regarding the question, and opinion is divided as to the ultimate result of the proceedings now in progress. The correspondent adds that the matter has attracted wide attention in political circles, and further developments are expected at an early date. Much discussion has taken place regarding the question, and opinion is divided as to the ultimate result of the proceedings now in progress. The correspondent adds that the matter has attracted wide attention in political circles, and further developments are expected at an early date. Much discussion has taken place regarding the question, and opinion is divided as to the ultimate result of the proceedings now in progress.
RIOTS AT HAVRE.
SEAMEN ON STRIKE LOOT A SHIP.
By Telegraph—Press Association—Copyright
(Rec. July 7, 5.5 p.m.)
Paris, July 6.

The seamen on strike at Havre stoned the police station and the gendarmes. The rioters then boarded a ship, looted her cargo, and overwhelmed the police.

The correspondent adds that the matter has attracted wide attention in political circles, and further developments are expected at an early date. Much discussion has taken place regarding the question, and opinion is divided as to the ultimate result of the proceedings now in progress. The correspondent adds that the matter has attracted wide attention in political circles, and further developments are expected at an early date. Much discussion has taken place regarding the question, and opinion is divided as to the ultimate result of the proceedings now in progress. The correspondent adds that the matter has attracted wide attention in political circles, and further developments are expected at an early date. Much discussion has taken place regarding the question, and opinion is divided as to the ultimate result of the proceedings now in progress. The correspondent adds that the matter has attracted wide attention in political circles, and further developments are expected at an early date. Much discussion has taken place regarding the question, and opinion is divided as to the ultimate result of the proceedings now in progress.
ENGLISH CRICKET.
LANCASHIRE DEFEATS AUSTRALIA.
POOR SCORING IN SECOND INNINGS.
By Telegraph—Press Association—Copyright
(Rec. July 8, 0.35 a.m.)
London, July 7.

For the second time this season, Lancashire inflicted defeat on the Australians, in this case by eight wickets.

The weather was dull, the wicket firm, though difficult, with play on a slow pitch.

The correspondent adds that the matter has attracted wide attention in political circles, and further developments are expected at an early date. Much discussion has taken place regarding the question, and opinion is divided as to the ultimate result of the proceedings now in progress. The correspondent adds that the matter has attracted wide attention in political circles, and further developments are expected at an early date. Much discussion has taken place regarding the question, and opinion is divided as to the ultimate result of the proceedings now in progress. The correspondent adds that the matter has attracted wide attention in political circles, and further developments are expected at an early date. Much discussion has taken place regarding the question, and opinion is divided as to the ultimate result of the proceedings now in progress. The correspondent adds that the matter has attracted wide attention in political circles, and further developments are expected at an early date. Much discussion has taken place regarding the question, and opinion is divided as to the ultimate result of the proceedings now in progress. The correspondent adds that the matter has attracted wide attention in political circles, and further developments are expected at an early date. Much discussion has taken place regarding the question, and opinion is divided as to the ultimate result of the proceedings now in progress. The correspondent adds that the matter has attracted wide attention in political circles, and further developments are expected at an early date. Much discussion has taken place regarding the question, and opinion is divided as to the ultimate result of the proceedings now in progress. The correspondent adds that the matter has attracted wide attention in political circles, and further developments are expected at an early date. Much discussion has taken place regarding the question, and opinion is divided as to the ultimate result of the proceedings now in progress. The correspondent adds that the matter has attracted wide attention in political circles, and further developments are expected at an early date. Much discussion has taken place regarding the question, and opinion is divided as to the ultimate result of the proceedings now in progress. The correspondent adds that the matter has attracted wide attention in political circles, and further developments are expected at an early date. Much discussion has taken place regarding the question, and opinion is divided as to the ultimate result of the proceedings now in progress. The correspondent adds that the matter has attracted wide attention in political circles, and further developments are expected at an early date. Much discussion has taken place regarding the question, and opinion is divided as to the ultimate result of the proceedings now in progress. The correspondent adds that the matter has attracted wide attention in political circles, and further developments are expected at an early date. Much discussion has taken place regarding the question, and opinion is divided as to the ultimate result of the proceedings now in progress. The correspondent adds that the matter has attracted wide attention in political circles, and further developments are expected at an early date. Much discussion has taken place regarding the question, and opinion is divided as to the ultimate result of the proceedings now in progress. The correspondent adds that the matter has attracted wide attention in political circles, and further developments are expected at an early date. Much discussion has taken place regarding the question, and opinion is divided as to the ultimate result of the proceedings now in progress. The correspondent adds that the matter has attracted wide attention in political circles, and further developments are expected at an early date. Much discussion has taken place regarding the question, and opinion is divided as to the ultimate result of the proceedings now in progress. The correspondent adds that the matter has attracted wide attention in political circles, and further developments are expected at an early date. Much discussion has taken place regarding the question, and opinion is divided as to the ultimate result of the proceedings now in progress. The correspondent adds that the matter has attracted wide attention in political circles, and further developments are expected at an early date. Much discussion has taken place regarding the question, and opinion is divided as to the ultimate result of the proceedings now in progress. The correspondent adds that the matter has attracted wide attention in political circles, and further developments are expected at an early date. Much discussion has taken place regarding the question, and opinion is divided as to the ultimate result of the proceedings now in progress. The correspondent adds that the matter has attracted wide attention in political circles, and further developments are expected at an early date. Much discussion has taken place regarding the question, and opinion is divided as to the ultimate result of the proceedings now in progress. The correspondent adds that the matter has attracted wide attention in political circles, and further developments are expected at an early date. Much discussion has taken place regarding the question, and opinion is divided as to the ultimate result of the proceedings now in progress. The correspondent adds that the matter has attracted wide attention in political circles, and further developments are expected at an early date. Much discussion has taken place regarding the question, and opinion is divided as to the ultimate result of the proceedings now in progress. The correspondent adds that the matter has attracted wide attention in political circles, and further developments are expected at an early date. Much discussion has taken place regarding the question, and opinion is divided as to the ultimate result of the proceedings now in progress. The correspondent adds that the matter has attracted wide attention in political circles, and further developments are expected at an early date. Much discussion has taken place regarding the question, and opinion is divided as to the ultimate result of the proceedings now in progress. The correspondent adds that the matter has attracted wide attention in political circles, and further developments are expected at an early date. Much discussion has taken place regarding the question, and opinion is divided as to the ultimate result of the proceedings now in progress. The correspondent adds that the matter has attracted wide attention in political circles, and further developments are expected at an early date. Much discussion has taken place regarding the question, and opinion is divided as to the ultimate result of the proceedings now in progress.
LANCASHIRE.
FIRST INNINGS.
Spooner, c. Macartney, b. Whitty	0
Makepeace, b. Smith, b. Whitty	0
J. Tyldesley, c. and b. Kelleway	48
Heap, c. Gregory, b. Whitty	7
E. Tyldesley, c. Jennings, b. Whitty	0
Heap, l.b.w., b. Matthews	23
Brearley, c. Kelleway, b. Matthews	0
Huddleston, b. Matthews	13
Deam, b. Whitty	18
Brooke, not out	18
Sundries	18
Total	163
SECOND INNINGS.
Makepeace, b. Macartney	8
Spooner, not out	33
E. Tyldesley, c. Matthews, b. Kelleway	1
Heap, not out	47
Sundries	8
Total for two wickets	97
AUSTRALIA.
FIRST INNINGS.
183
SECOND INNINGS.
C. B. Jennings, c. Brooke, b. Whitehead	2
D. Smith, run out	8
W. Carkeek, run out	9
C. G. Macartney, run out	0
W. Bardsley, c. Makepeace, b. Dean	5
E. Gregory, c. J. Tyldesley, b. Whitehead 10
C. Kelleway, l.b.w., b. Dean	3
T. J. Matthews, not out	6
S. E. Gregory, c. and b. Whitehead	5
W. J. Whitty, b. Dean	2
G. R. Hazlitt, c. J. Tyldesley, b. Dean	0
Sundries	6
Total	56
SOUTH AFRICA V. WARWICKSHIRE.
A WIN FOR THE VISITORS.
London, July 7.

The South Africans beat Warwickshire by six wickets.

Taylor, c. Baker, b. Santall	57
Tancred, c. and b. Charlesworth	15
Faulkner, c. Charlesworth, b. Jeeves	6
Snooke, c. Kinneir, b. Santall	3
Nourse, c. and b. Charlesworth	15
Stricker, c. Baker, b. Santall	8
Pegler, l.b.w., b. Charlesworth	5
Sundries	13
Total	180
The correspondent adds that the matter has attracted wide attention in political circles, and further developments are expected at an early date. Much discussion has taken place regarding the question, and opinion is divided as to the ultimate result of the proceedings now in progress.
SECOND INNINGS.
Kinneir, c. White, b. Pegler	9
Smith, c. Tancred, b. Carter	18
Charlesworth, c. Mitchell, b. Pegler	3
Quaife, b. Carter	13
C. Stephens, b. Carter	1
Baker, b. Taylor	50
Jeeves, b. Pegler	5
Parsons, b. Pegler	15
Santall, b. Carter	7
Lands, b. Carter	3
Field, not out	9
Sundries	11
Total	179
AUSTRALIANS TO VISIT AMERICA.
Sydney, July 6.

The Board of Control approves the Australian cricketers playing matches in America.

THE COUNTY CONTEST.
SOME REMARKABLE PLAY.
By Telegraph—Press Association—Copyright
(Rec. July 7, 5.5 p.m.)
London, July 6.

In the county cricket matches Derbyshire made only 25 runs against Nottinghamshire. Warwickshire, first innings, 184.

Hampshire made 421 runs against Oxford.

Playing for Marylebone against Cambridge, Ranjitsinhji made 176 runs.

OLYMPIC GAMES.
OFFICIAL OPENING.
By Telegraph—Press Association—Copyright
(Rec. July 7, 5.5 p.m.)
Stockholm, July 6.

King Gustave has officially opened the Olympic Games. The stadium was crowded, and made a fine spectacle.

The correspondent adds that the matter has attracted wide attention in political circles, and further developments are expected at an early date. Much discussion has taken place regarding the question, and opinion is divided as to the ultimate result of the proceedings now in progress.
JOHNSON-FLYNN FIGHT.
NEGRO RIOTS.
By Telegraph—Press Association—Copyright
Chicago, July 5.

Johnson's victory over Flynn in the boxing contest for the championship of the world caused excitement amongst the negroes.

The correspondent adds that the matter has attracted wide attention in political circles, and further developments are expected at an early date. Much discussion has taken place regarding the question, and opinion is divided as to the ultimate result of the proceedings now in progress. The correspondent adds that the matter has attracted wide attention in political circles, and further developments are expected at an early date. Much discussion has taken place regarding the question, and opinion is divided as to the ultimate result of the proceedings now in progress.
A CHALLENGE FROM BURNS.
(Rec. July 8, 0.35 a.m.)
New York, July 7.

'Tommy' Burns has challenged Johnson for the world's championship.

AERONAUTICS.
FATALITY AT STONEHENGE.
By Telegraph—Press Association—Copyright
London, July 5.

Captain Loraine and Sergeant-Major Wilson were killed whilst manoeuvring at Stonehenge.

The correspondent adds that the matter has attracted wide attention in political circles, and further developments are expected at an early date. Much discussion has taken place regarding the question, and opinion is divided as to the ultimate result of the proceedings now in progress.
A LUCKY ESCAPE.
(Rec. July 7, 5.5 p.m.)
Brisbane, July 6.

An aviator named Stone was descending when he struck the ground.

The correspondent adds that the matter has attracted wide attention in political circles, and further developments are expected at an early date. Much discussion has taken place regarding the question, and opinion is divided as to the ultimate result of the proceedings now in progress.
CHINESE ASSASSINS.
A PLOT THAT FAILED.
By Telegraph—Press Association—Copyright
(Rec. July 7, 5.5 p.m.)
Hong Kong, July 6.

Sihong-Hung, the Chinese arrested for attempting to shoot the Governor, Sir Francis May, has pleaded guilty.

The correspondent adds that the matter has attracted wide attention in political circles, and further developments are expected at an early date. Much discussion has taken place regarding the question, and opinion is divided as to the ultimate result of the proceedings now in progress. The correspondent adds that the matter has attracted wide attention in political circles, and further developments are expected at an early date. Much discussion has taken place regarding the question, and opinion is divided as to the ultimate result of the proceedings now in progress. The correspondent adds that the matter has attracted wide attention in political circles, and further developments are expected at an early date. Much discussion has taken place regarding the question, and opinion is divided as to the ultimate result of the proceedings now in progress.
RAILWAY DISASTERS
ANOTHER COLLISION IN AMERICA.
By Telegraph—Press Association—Copyright
(Rec. July 7, 5.5 p.m.)
New York, July 6.

Fourteen persons were killed and many injured in a collision on the Lackawanna Railway at Corning.

The correspondent adds that the matter has attracted wide attention in political circles, and further developments are expected at an early date. Much discussion has taken place regarding the question, and opinion is divided as to the ultimate result of the proceedings now in progress. The correspondent adds that the matter has attracted wide attention in political circles, and further developments are expected at an early date. Much discussion has taken place regarding the question, and opinion is divided as to the ultimate result of the proceedings now in progress. The correspondent adds that the matter has attracted wide attention in political circles, and further developments are expected at an early date. Much discussion has taken place regarding the question, and opinion is divided as to the ultimate result of the proceedings now in progress.
LABOUR LEADER INDIGNANT
LIBERAL PARTY DENOUNCED.
By Telegraph—Press Association—Copyright
(Rec. July 7, 5.5 p.m.)
London, July 6.

Mr. Ramsay MacDonald, Leader of the Labour party, speaking at Derby, said he had never known of a more disreputable political action.

The correspondent adds that the matter has attracted wide attention in political circles, and further developments are expected at an early date. Much discussion has taken place regarding the question, and opinion is divided as to the ultimate result of the proceedings now in progress. The correspondent adds that the matter has attracted wide attention in political circles, and further developments are expected at an early date. Much discussion has taken place regarding the question, and opinion is divided as to the ultimate result of the proceedings now in progress.
ROVER MOTOR CARS.

In Taranaki, 1912 Model, 12-15 h.p., 4 cylinder, detachable rims.

The correspondent adds that the matter has attracted wide attention in political circles, and further developments are expected at an early date. Much discussion has taken place regarding the question, and opinion is divided as to the ultimate result of the proceedings now in progress. The correspondent adds that the matter has attracted wide attention in political circles, and further developments are expected at an early date. Much discussion has taken place regarding the question, and opinion is divided as to the ultimate result of the proceedings now in progress.
MR. MASSEY.
AN APPRECIATION.
(BY A REFORM VOTER.)

Many a time in recent years the writer has heard some fellow-supporter of the political reform movement complain of Mr. Massey in a moment of depression. And most often the bitterest thing that his critic could say of him was: 'Massey is a good fellow, but he is hardly brilliant enough to be Prime Minister.' He is honest, he is loyal.

The correspondent adds that the matter has attracted wide attention in political circles, and further developments are expected at an early date. Much discussion has taken place regarding the question, and opinion is divided as to the ultimate result of the proceedings now in progress. The correspondent adds that the matter has attracted wide attention in political circles, and further developments are expected at an early date. Much discussion has taken place regarding the question, and opinion is divided as to the ultimate result of the proceedings now in progress. The correspondent adds that the matter has attracted wide attention in political circles, and further developments are expected at an early date. Much discussion has taken place regarding the question, and opinion is divided as to the ultimate result of the proceedings now in progress. The correspondent adds that the matter has attracted wide attention in political circles, and further developments are expected at an early date. Much discussion has taken place regarding the question, and opinion is divided as to the ultimate result of the proceedings now in progress. The correspondent adds that the matter has attracted wide attention in political circles, and further developments are expected at an early date. Much discussion has taken place regarding the question, and opinion is divided as to the ultimate result of the proceedings now in progress. The correspondent adds that the matter has attracted wide attention in political circles, and further developments are expected at an early date. Much discussion has taken place regarding the question, and opinion is divided as to the ultimate result of the proceedings now in progress. The correspondent adds that the matter has attracted wide attention in political circles, and further developments are expected at an early date. Much discussion has taken place regarding the question, and opinion is divided as to the ultimate result of the proceedings now in progress. The correspondent adds that the matter has attracted wide attention in political circles, and further developments are expected at an early date. Much discussion has taken place regarding the question, and opinion is divided as to the ultimate result of the proceedings now in progress. The correspondent adds that the matter has attracted wide attention in political circles, and further developments are expected at an early date. Much discussion has taken place regarding the question, and opinion is divided as to the ultimate result of the proceedings now in progress. The correspondent adds that the matter has attracted wide attention in political circles, and further developments are expected at an early date. Much discussion has taken place regarding the question, and opinion is divided as to the ultimate result of the proceedings now in progress. The correspondent adds that the matter has attracted wide attention in political circles, and further developments are expected at an early date. Much discussion has taken place regarding the question, and opinion is divided as to the ultimate result of the proceedings now in progress. The correspondent adds that the matter has attracted wide attention in political circles, and further developments are expected at an early date. Much discussion has taken place regarding the question, and opinion is divided as to the ultimate result of the proceedings now in progress. The correspondent adds that the matter has attracted wide attention in political circles, and further developments are expected at an early date. Much discussion has taken place regarding the question, and opinion is divided as to the ultimate result of the proceedings now in progress. The correspondent adds that the matter has attracted wide attention in political circles, and further developments are expected at an early date. Much discussion has taken place regarding the question, and opinion is divided as to the ultimate result of the proceedings now in progress. The correspondent adds that the matter has attracted wide attention in political circles, and further developments are expected at an early date. Much discussion has taken place regarding the question, and opinion is divided as to the ultimate result of the proceedings now in progress. The correspondent adds that the matter has attracted wide attention in political circles, and further developments are expected at an early date. Much discussion has taken place regarding the question, and opinion is divided as to the ultimate result of the proceedings now in progress. The correspondent adds that the matter has attracted wide attention in political circles, and further developments are expected at an early date. Much discussion has taken place regarding the question, and opinion is divided as to the ultimate result of the proceedings now in progress. The correspondent adds that the matter has attracted wide attention in political circles, and further developments are expected at an early date. Much discussion has taken place regarding the question, and opinion is divided as to the ultimate result of the proceedings now in progress. The correspondent adds that the matter has attracted wide attention in political circles, and further developments are expected at an early date. Much discussion has taken place regarding the question, and opinion is divided as to the ultimate result of the proceedings now in progress. The correspondent adds that the matter has attracted wide attention in political circles, and further developments are expected at an early date. Much discussion has taken place regarding the question, and opinion is divided as to the ultimate result of the proceedings now in progress. The correspondent adds that the matter has attracted wide attention in political circles, and further developments are expected at an early date. Much discussion has taken place regarding the question, and opinion is divided as to the ultimate result of the proceedings now in progress. The correspondent adds that the matter has attracted wide attention in political circles, and further developments are expected at an early date. Much discussion has taken place regarding the question, and opinion is divided as to the ultimate result of the proceedings now in progress. The correspondent adds that the matter has attracted wide attention in political circles, and further developments are expected at an early date. Much discussion has taken place regarding the question, and opinion is divided as to the ultimate result of the proceedings now in progress. The correspondent adds that the matter has attracted wide attention in political circles, and further developments are expected at an early date. Much discussion has taken place regarding the question, and opinion is divided as to the ultimate result of the proceedings now in progress. The correspondent adds that the matter has attracted wide attention in political circles, and further developments are expected at an early date. Much discussion has taken place regarding the question, and opinion is divided as to the ultimate result of the proceedings now in progress. The correspondent adds that the matter has attracted wide attention in political circles, and further developments are expected at an early date. Much discussion has taken place regarding the question, and opinion is divided as to the ultimate result of the proceedings now in progress. The correspondent adds that the matter has attracted wide attention in political circles, and further developments are expected at an early date. Much discussion has taken place regarding the question, and opinion is divided as to the ultimate result of the proceedings now in progress. The correspondent adds that the matter has attracted wide attention in political circles, and further developments are expected at an early date. Much discussion has taken place regarding the question, and opinion is divided as to the ultimate result of the proceedings now in progress. The correspondent adds that the matter has attracted wide attention in political circles, and further developments are expected at an early date. Much discussion has taken place regarding the question, and opinion is divided as to the ultimate result of the proceedings now in progress. The correspondent adds that the matter has attracted wide attention in political circles, and further developments are expected at an early date. Much discussion has taken place regarding the question, and opinion is divided as to the ultimate result of the proceedings now in progress. The correspondent adds that the matter has attracted wide attention in political circles, and further developments are expected at an early date. Much discussion has taken place regarding the question, and opinion is divided as to the ultimate result of the proceedings now in progress. The correspondent adds that the matter has attracted wide attention in political circles, and further developments are expected at an early date. Much discussion has taken place regarding the question, and opinion is divided as to the ultimate result of the proceedings now in progress. The correspondent adds that the matter has attracted wide attention in political circles, and further developments are expected at an early date. Much discussion has taken place regarding the question, and opinion is divided as to the ultimate result of the proceedings now in progress. The correspondent adds that the matter has attracted wide attention in political circles, and further developments are expected at an early date. Much discussion has taken place regarding the question, and opinion is divided as to the ultimate result of the proceedings now in progress. The correspondent adds that the matter has attracted wide attention in political circles, and further developments are expected at an early date. Much discussion has taken place regarding the question, and opinion is divided as to the ultimate result of the proceedings now in progress. The correspondent adds that the matter has attracted wide attention in political circles, and further developments are expected at an early date. Much discussion has taken place regarding the question, and opinion is divided as to the ultimate result of the proceedings now in progress. The correspondent adds that the matter has attracted wide attention in political circles, and further developments are expected at an early date. Much discussion has taken place regarding the question, and opinion is divided as to the ultimate result of the proceedings now in progress. The correspondent adds that the matter has attracted wide attention in political circles, and further developments are expected at an early date. Much discussion has taken place regarding the question, and opinion is divided as to the ultimate result of the proceedings now in progress. The correspondent adds that the matter has attracted wide attention in political circles, and further developments are expected at an early date. Much discussion has taken place regarding the question, and opinion is divided as to the ultimate result of the proceedings now in progress. The correspondent adds that the matter has attracted wide attention in political circles, and further developments are expected at an early date. Much discussion has taken place regarding the question, and opinion is divided as to the ultimate result of the proceedings now in progress. The correspondent adds that the matter has attracted wide attention in political circles, and further developments are expected at an early date. Much discussion has taken place regarding the question, and opinion is divided as to the ultimate result of the proceedings now in progress. The correspondent adds that the matter has attracted wide attention in political circles, and further developments are expected at an early date. Much discussion has taken place regarding the question, and opinion is divided as to the ultimate result of the proceedings now in progress. The correspondent adds that the matter has attracted wide attention in political circles, and further developments are expected at an early date. Much discussion has taken place regarding the question, and opinion is divided as to the ultimate result of the proceedings now in progress. The correspondent adds that the matter has attracted wide attention in political circles, and further developments are expected at an early date. Much discussion has taken place regarding the question, and opinion is divided as to the ultimate result of the proceedings now in progress.
CIVIL MARRIAGES.
DENOUNCED BY ARCHBISHOP KELLY.
By Telegraph—Press Association—Copyright
(Rec. July 7, 5.5 p.m.)
Sydney, July 7.

Dr. Kelly, Roman Catholic Archbishop of Sydney, in a speech dealing with civil marriages, declared that the civil marriage bond meant a life of legalised adultery.

The correspondent adds that the matter has attracted wide attention in political circles, and further developments are expected at an early date. Much discussion has taken place regarding the question, and opinion is divided as to the ultimate result of the proceedings now in progress. The correspondent adds that the matter has attracted wide attention in political circles, and further developments are expected at an early date. Much discussion has taken place regarding the question, and opinion is divided as to the ultimate result of the proceedings now in progress. The correspondent adds that the matter has attracted wide attention in political circles, and further developments are expected at an early date. Much discussion has taken place regarding the question, and opinion is divided as to the ultimate result of the proceedings now in progress.
CAMORRA TRIAL ENDING.
144 QUESTIONS FOR THE JURY.
By Telegraph—Press Association—Copyright
(Rec. July 7, 5.5 p.m.)
Rome, July 6.

The trial of the Camorrist gang at Viterbo, for the murder of the Cuocolo and Maria Cuocolo, is ending. The president has put 144 questions to the jury.

The correspondent adds that the matter has attracted wide attention in political circles, and further developments are expected at an early date. Much discussion has taken place regarding the question, and opinion is divided as to the ultimate result of the proceedings now in progress. The correspondent adds that the matter has attracted wide attention in political circles, and further developments are expected at an early date. Much discussion has taken place regarding the question, and opinion is divided as to the ultimate result of the proceedings now in progress. The correspondent adds that the matter has attracted wide attention in political circles, and further developments are expected at an early date. Much discussion has taken place regarding the question, and opinion is divided as to the ultimate result of the proceedings now in progress. The correspondent adds that the matter has attracted wide attention in political circles, and further developments are expected at an early date. Much discussion has taken place regarding the question, and opinion is divided as to the ultimate result of the proceedings now in progress. The correspondent adds that the matter has attracted wide attention in political circles, and further developments are expected at an early date. Much discussion has taken place regarding the question, and opinion is divided as to the ultimate result of the proceedings now in progress. The correspondent adds that the matter has attracted wide attention in political circles, and further developments are expected at an early date. Much discussion has taken place regarding the question, and opinion is divided as to the ultimate result of the proceedings now in progress. The correspondent adds that the matter has attracted wide attention in political circles, and further developments are expected at an early date. Much discussion has taken place regarding the question, and opinion is divided as to the ultimate result of the proceedings now in progress. The correspondent adds that the matter has attracted wide attention in political circles, and further developments are expected at an early date. Much discussion has taken place regarding the question, and opinion is divided as to the ultimate result of the proceedings now in progress.
UNIVERSITIES CONGRESS.
CENTRAL BUREAU ESTABLISHED.
By Telegraph—Press Association—Copyright
(Rec. July 7, 5.5 p.m.)
London, July 6.

The Universities of the Empire Congress has closed. It was decided to establish a permanent bureau in London to assist in making appointments.

The correspondent adds that the matter has attracted wide attention in political circles, and further developments are expected at an early date. Much discussion has taken place regarding the question, and opinion is divided as to the ultimate result of the proceedings now in progress. The correspondent adds that the matter has attracted wide attention in political circles, and further developments are expected at an early date. Much discussion has taken place regarding the question, and opinion is divided as to the ultimate result of the proceedings now in progress. The correspondent adds that the matter has attracted wide attention in political circles, and further developments are expected at an early date. Much discussion has taken place regarding the question, and opinion is divided as to the ultimate result of the proceedings now in progress. The correspondent adds that the matter has attracted wide attention in political circles, and further developments are expected at an early date. Much discussion has taken place regarding the question, and opinion is divided as to the ultimate result of the proceedings now in progress. The correspondent adds that the matter has attracted wide attention in political circles, and further developments are expected at an early date. Much discussion has taken place regarding the question, and opinion is divided as to the ultimate result of the proceedings now in progress. The correspondent adds that the matter has attracted wide attention in political circles, and further developments are expected at an early date. Much discussion has taken place regarding the question, and opinion is divided as to the ultimate result of the proceedings now in progress.
